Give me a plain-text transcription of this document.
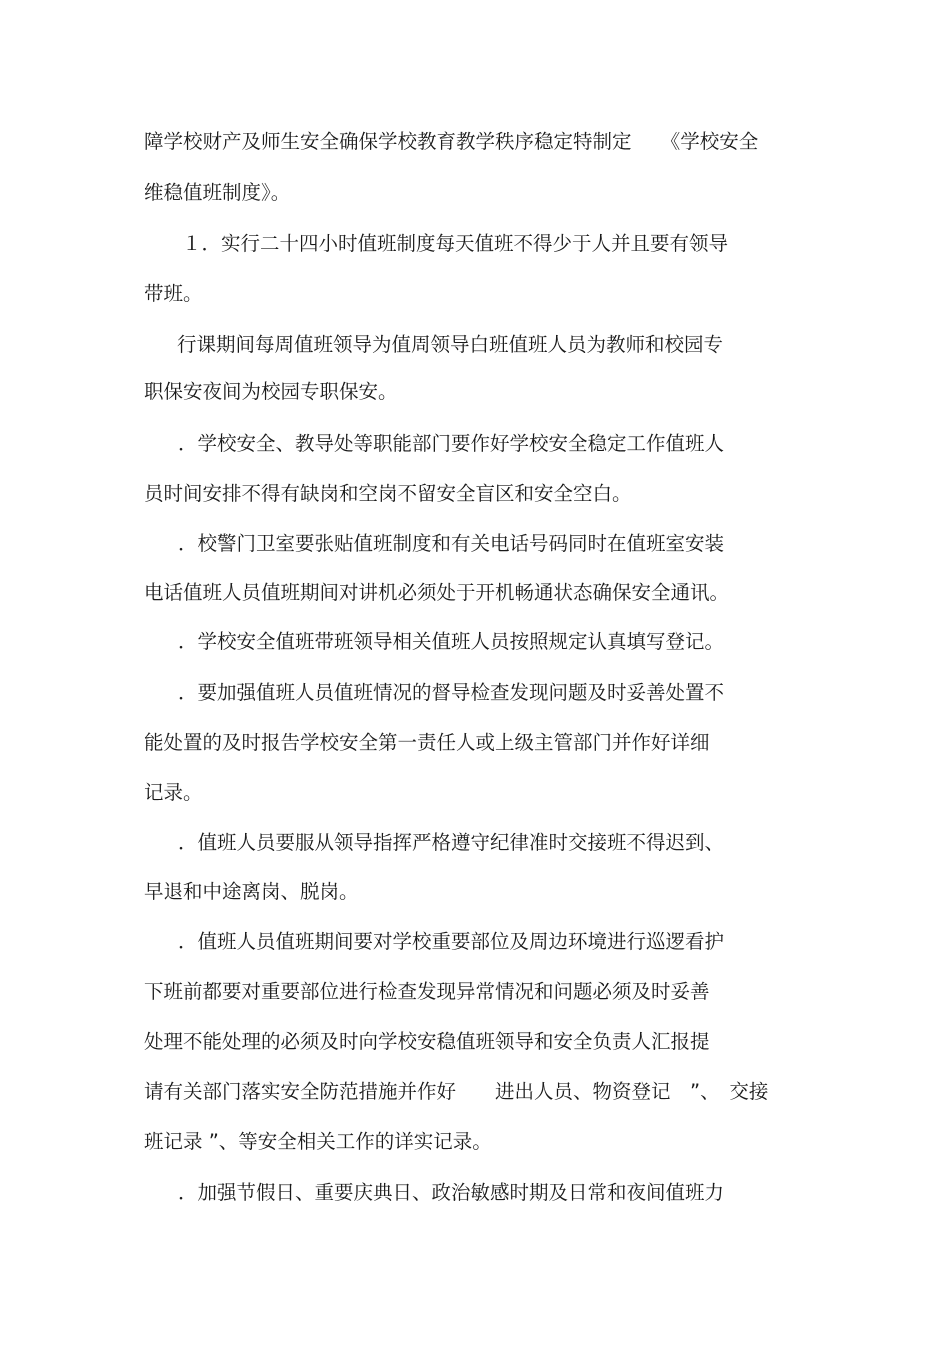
障学校财产及师生安全确保学校教育教学秩序稳定特制定　　《学校安全

维稳值班制度》。

１．实行二十四小时值班制度每天值班不得少于人并且要有领导

带班。

行课期间每周值班领导为值周领导白班值班人员为教师和校园专

职保安夜间为校园专职保安。

．学校安全、教导处等职能部门要作好学校安全稳定工作值班人

员时间安排不得有缺岗和空岗不留安全盲区和安全空白。

．校警门卫室要张贴值班制度和有关电话号码同时在值班室安装

电话值班人员值班期间对讲机必须处于开机畅通状态确保安全通讯。

．学校安全值班带班领导相关值班人员按照规定认真填写登记。

．要加强值班人员值班情况的督导检查发现问题及时妥善处置不

能处置的及时报告学校安全第一责任人或上级主管部门并作好详细

记录。

．值班人员要服从领导指挥严格遵守纪律准时交接班不得迟到、

早退和中途离岗、脱岗。

．值班人员值班期间要对学校重要部位及周边环境进行巡逻看护

下班前都要对重要部位进行检查发现异常情况和问题必须及时妥善

处理不能处理的必须及时向学校安稳值班领导和安全负责人汇报提

请有关部门落实安全防范措施并作好　　进出人员、物资登记　”、　交接

班记录 ”、等安全相关工作的详实记录。

．加强节假日、重要庆典日、政治敏感时期及日常和夜间值班力
